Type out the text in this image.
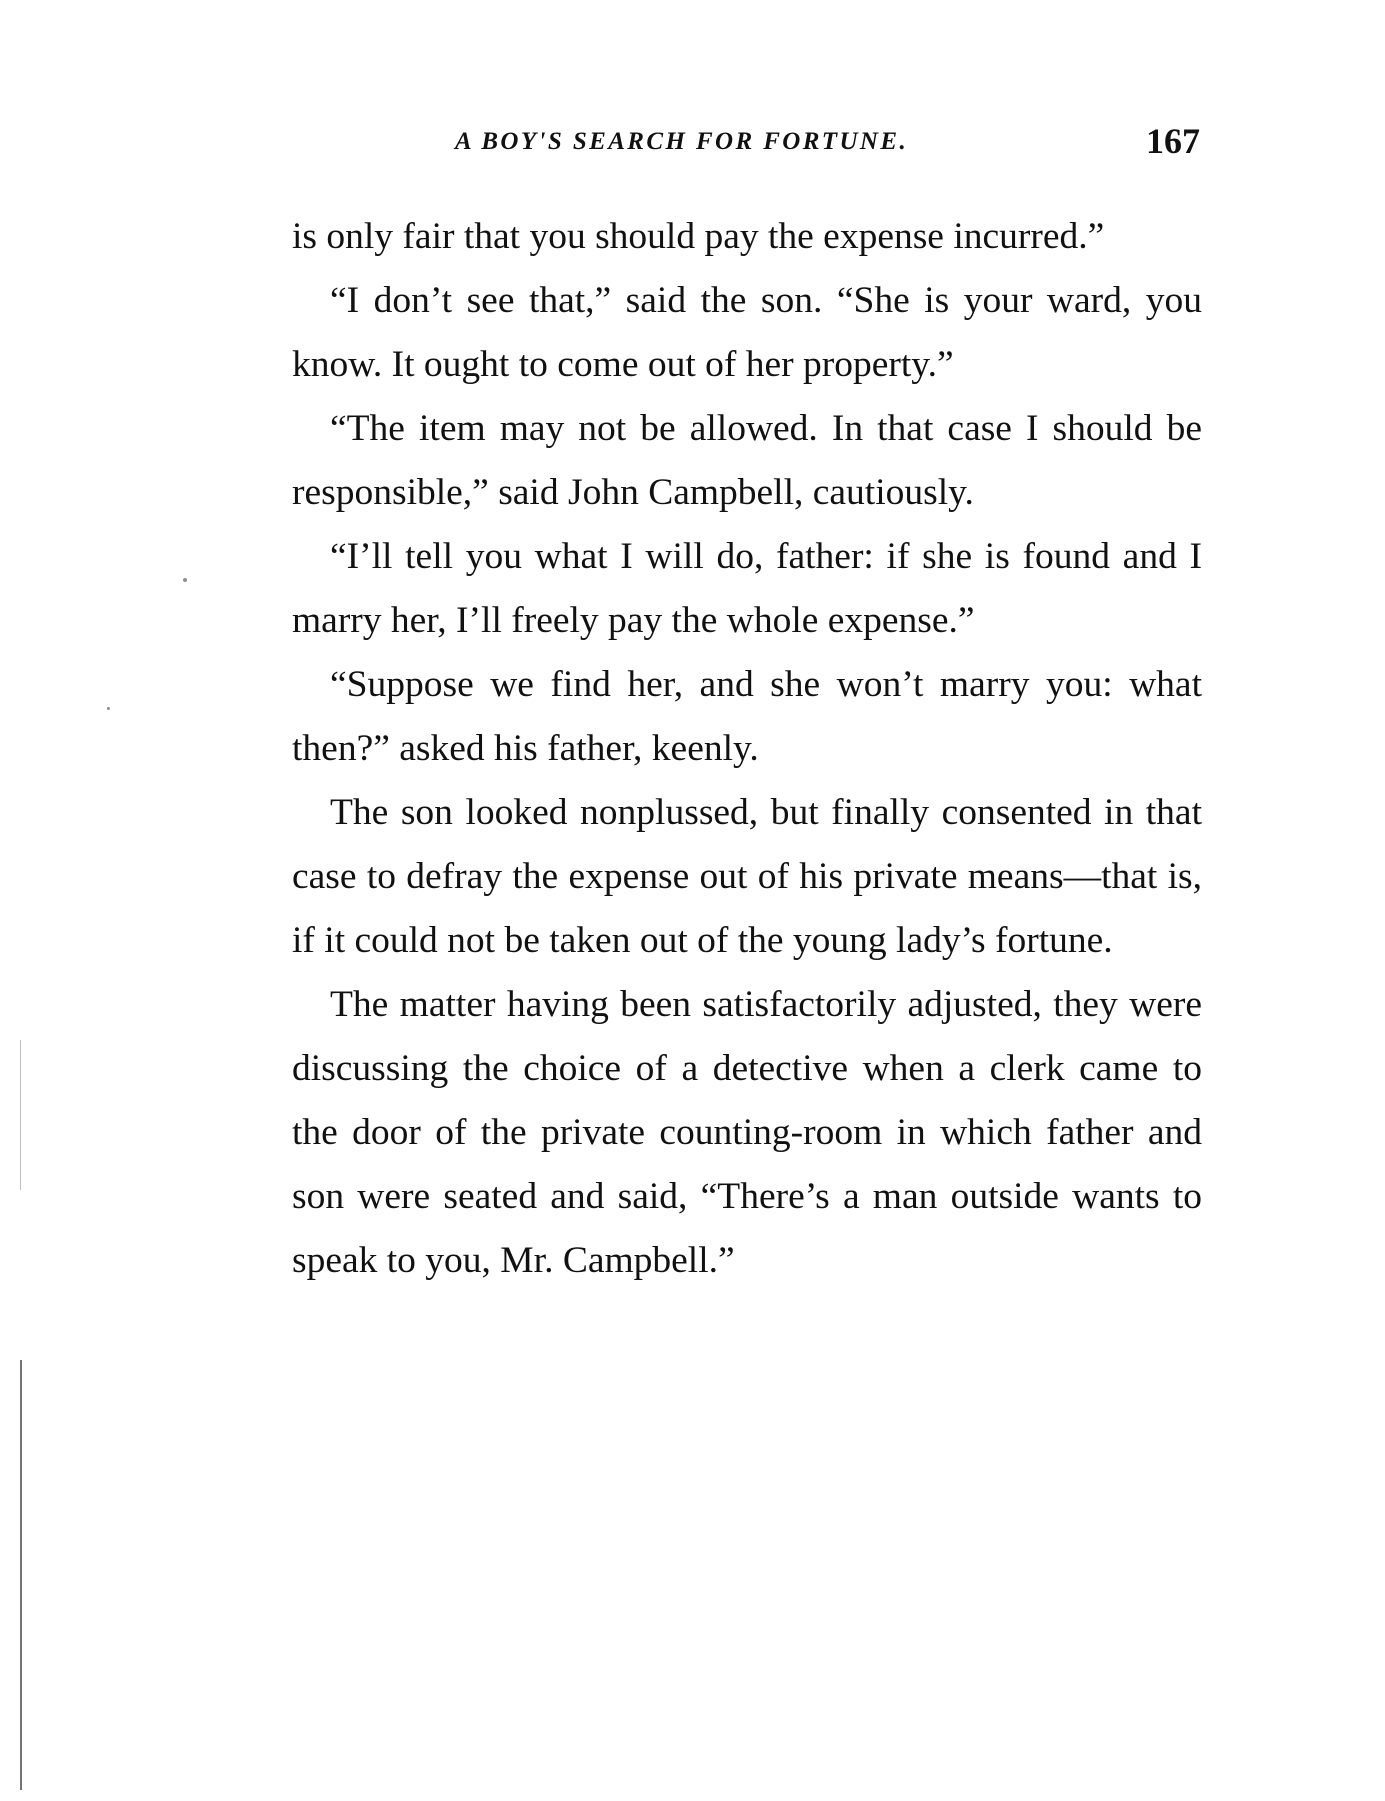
A BOY'S SEARCH FOR FORTUNE.	167

is only fair that you should pay the expense incurred.”

“I don’t see that,” said the son. “She is your ward, you know. It ought to come out of her property.”

“The item may not be allowed. In that case I should be responsible,” said John Campbell, cautiously.

“I’ll tell you what I will do, father: if she is found and I marry her, I’ll freely pay the whole expense.”

“Suppose we find her, and she won’t marry you: what then?” asked his father, keenly.

The son looked nonplussed, but finally consented in that case to defray the expense out of his private means—that is, if it could not be taken out of the young lady’s fortune.

The matter having been satisfactorily adjusted, they were discussing the choice of a detective when a clerk came to the door of the private counting-room in which father and son were seated and said, “There’s a man outside wants to speak to you, Mr. Campbell.”
